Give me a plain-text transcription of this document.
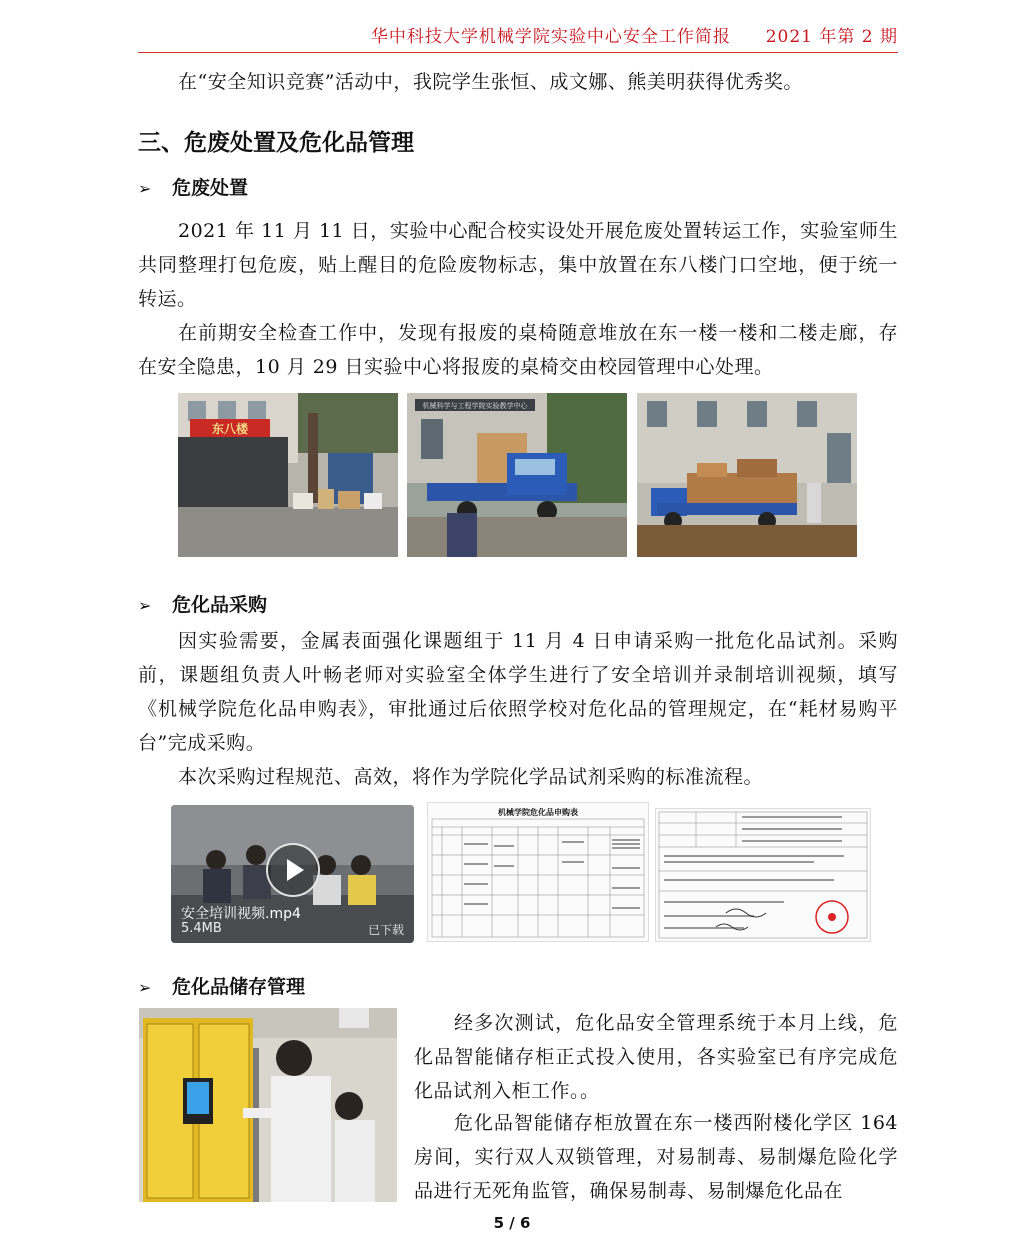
华中科技大学机械学院实验中心安全工作简报 2021 年第 2 期

在“安全知识竞赛”活动中，我院学生张恒、成文娜、熊美明获得优秀奖。

三、危废处置及危化品管理
➢ 危废处置

2021 年 11 月 11 日，实验中心配合校实设处开展危废处置转运工作，实验室师生共同整理打包危废，贴上醒目的危险废物标志，集中放置在东八楼门口空地，便于统一转运。

在前期安全检查工作中，发现有报废的桌椅随意堆放在东一楼一楼和二楼走廊，存在安全隐患，10 月 29 日实验中心将报废的桌椅交由校园管理中心处理。

东八楼
机械科学与工程学院实验教学中心
➢ 危化品采购

因实验需要，金属表面强化课题组于 11 月 4 日申请采购一批危化品试剂。采购前，课题组负责人叶畅老师对实验室全体学生进行了安全培训并录制培训视频，填写《机械学院危化品申购表》，审批通过后依照学校对危化品的管理规定，在“耗材易购平台”完成采购。

本次采购过程规范、高效，将作为学院化学品试剂采购的标准流程。

安全培训视频.mp4
5.4MB	已下载
机械学院危化品申购表
➢ 危化品储存管理

经多次测试，危化品安全管理系统于本月上线，危化品智能储存柜正式投入使用，各实验室已有序完成危化品试剂入柜工作。。

危化品智能储存柜放置在东一楼西附楼化学区 164 房间，实行双人双锁管理，对易制毒、易制爆危险化学品进行无死角监管，确保易制毒、易制爆危化品在

5 / 6
